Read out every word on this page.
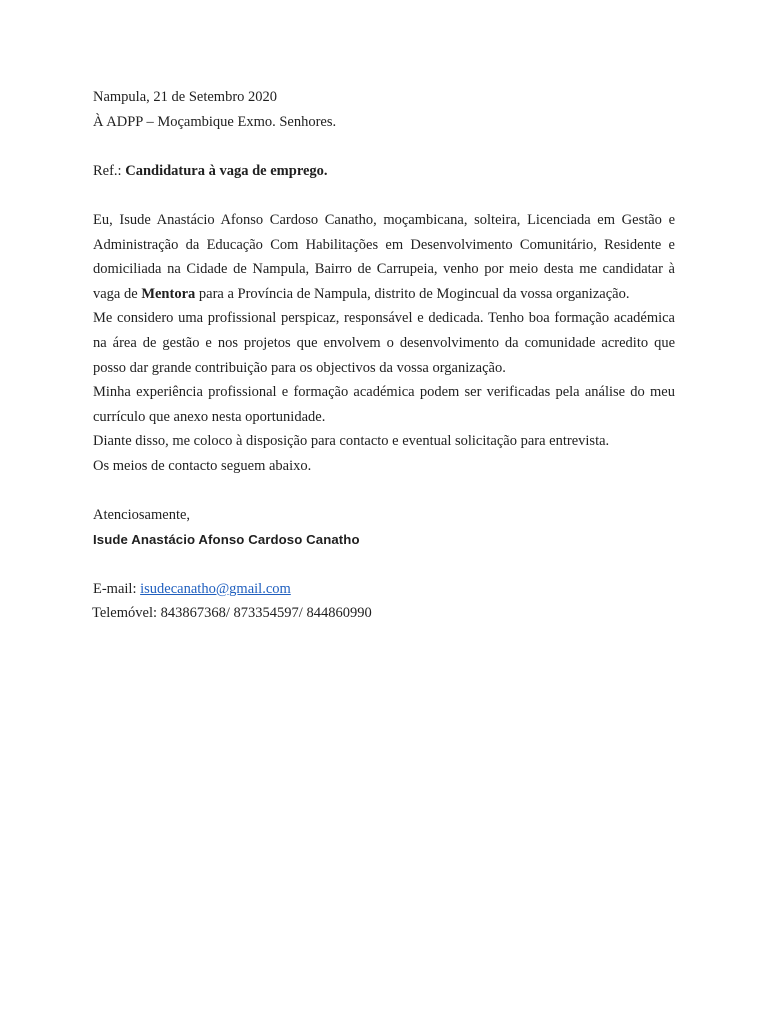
Nampula, 21 de Setembro 2020
À ADPP – Moçambique Exmo. Senhores.
Ref.: Candidatura à vaga de emprego.

Eu, Isude Anastácio Afonso Cardoso Canatho, moçambicana, solteira, Licenciada em Gestão e Administração da Educação Com Habilitações em Desenvolvimento Comunitário, Residente e domiciliada na Cidade de Nampula, Bairro de Carrupeia, venho por meio desta me candidatar à vaga de Mentora para a Província de Nampula, distrito de Mogincual da vossa organização.

Me considero uma profissional perspicaz, responsável e dedicada. Tenho boa formação académica na área de gestão e nos projetos que envolvem o desenvolvimento da comunidade acredito que posso dar grande contribuição para os objectivos da vossa organização.

Minha experiência profissional e formação académica podem ser verificadas pela análise do meu currículo que anexo nesta oportunidade.

Diante disso, me coloco à disposição para contacto e eventual solicitação para entrevista.

Os meios de contacto seguem abaixo.

Atenciosamente,
Isude Anastácio Afonso Cardoso Canatho
E-mail: isudecanatho@gmail.com
Telemóvel: 843867368/ 873354597/ 844860990
